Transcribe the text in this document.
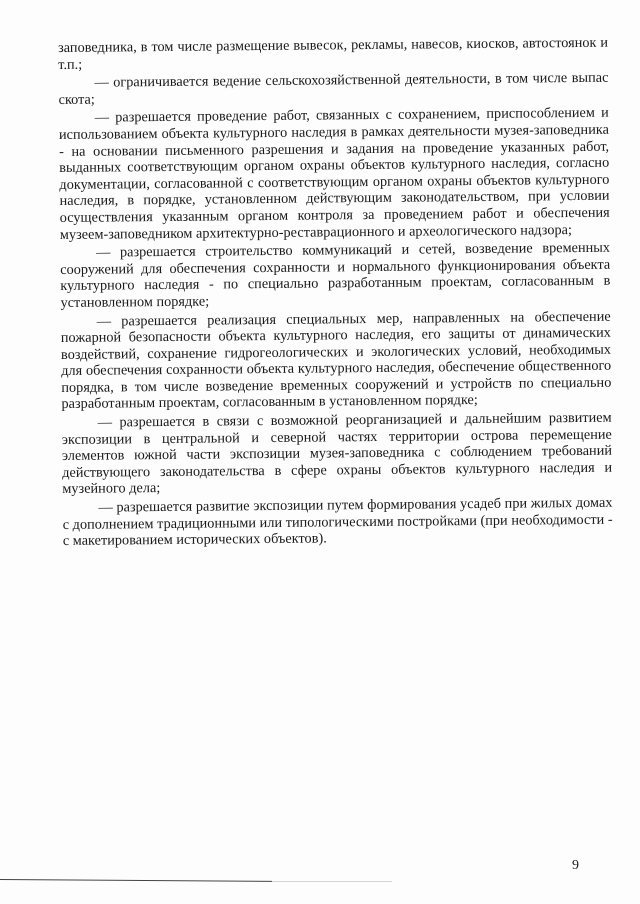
заповедника, в том числе размещение вывесок, рекламы, навесов, киосков, автостоянок и т.п.;

— ограничивается ведение сельскохозяйственной деятельности, в том числе выпас скота;

— разрешается проведение работ, связанных с сохранением, приспособлением и использованием объекта культурного наследия в рамках деятельности музея-заповедника - на основании письменного разрешения и задания на проведение указанных работ, выданных соответствующим органом охраны объектов культурного наследия, согласно документации, согласованной с соответствующим органом охраны объектов культурного наследия, в порядке, установленном действующим законодательством, при условии осуществления указанным органом контроля за проведением работ и обеспечения музеем-заповедником архитектурно-реставрационного и археологического надзора;

— разрешается строительство коммуникаций и сетей, возведение временных сооружений для обеспечения сохранности и нормального функционирования объекта культурного наследия - по специально разработанным проектам, согласованным в установленном порядке;

— разрешается реализация специальных мер, направленных на обеспечение пожарной безопасности объекта культурного наследия, его защиты от динамических воздействий, сохранение гидрогеологических и экологических условий, необходимых для обеспечения сохранности объекта культурного наследия, обеспечение общественного порядка, в том числе возведение временных сооружений и устройств по специально разработанным проектам, согласованным в установленном порядке;

— разрешается в связи с возможной реорганизацией и дальнейшим развитием экспозиции в центральной и северной частях территории острова перемещение элементов южной части экспозиции музея-заповедника с соблюдением требований действующего законодательства в сфере охраны объектов культурного наследия и музейного дела;

— разрешается развитие экспозиции путем формирования усадеб при жилых домах с дополнением традиционными или типологическими постройками (при необходимости - с макетированием исторических объектов).

9
